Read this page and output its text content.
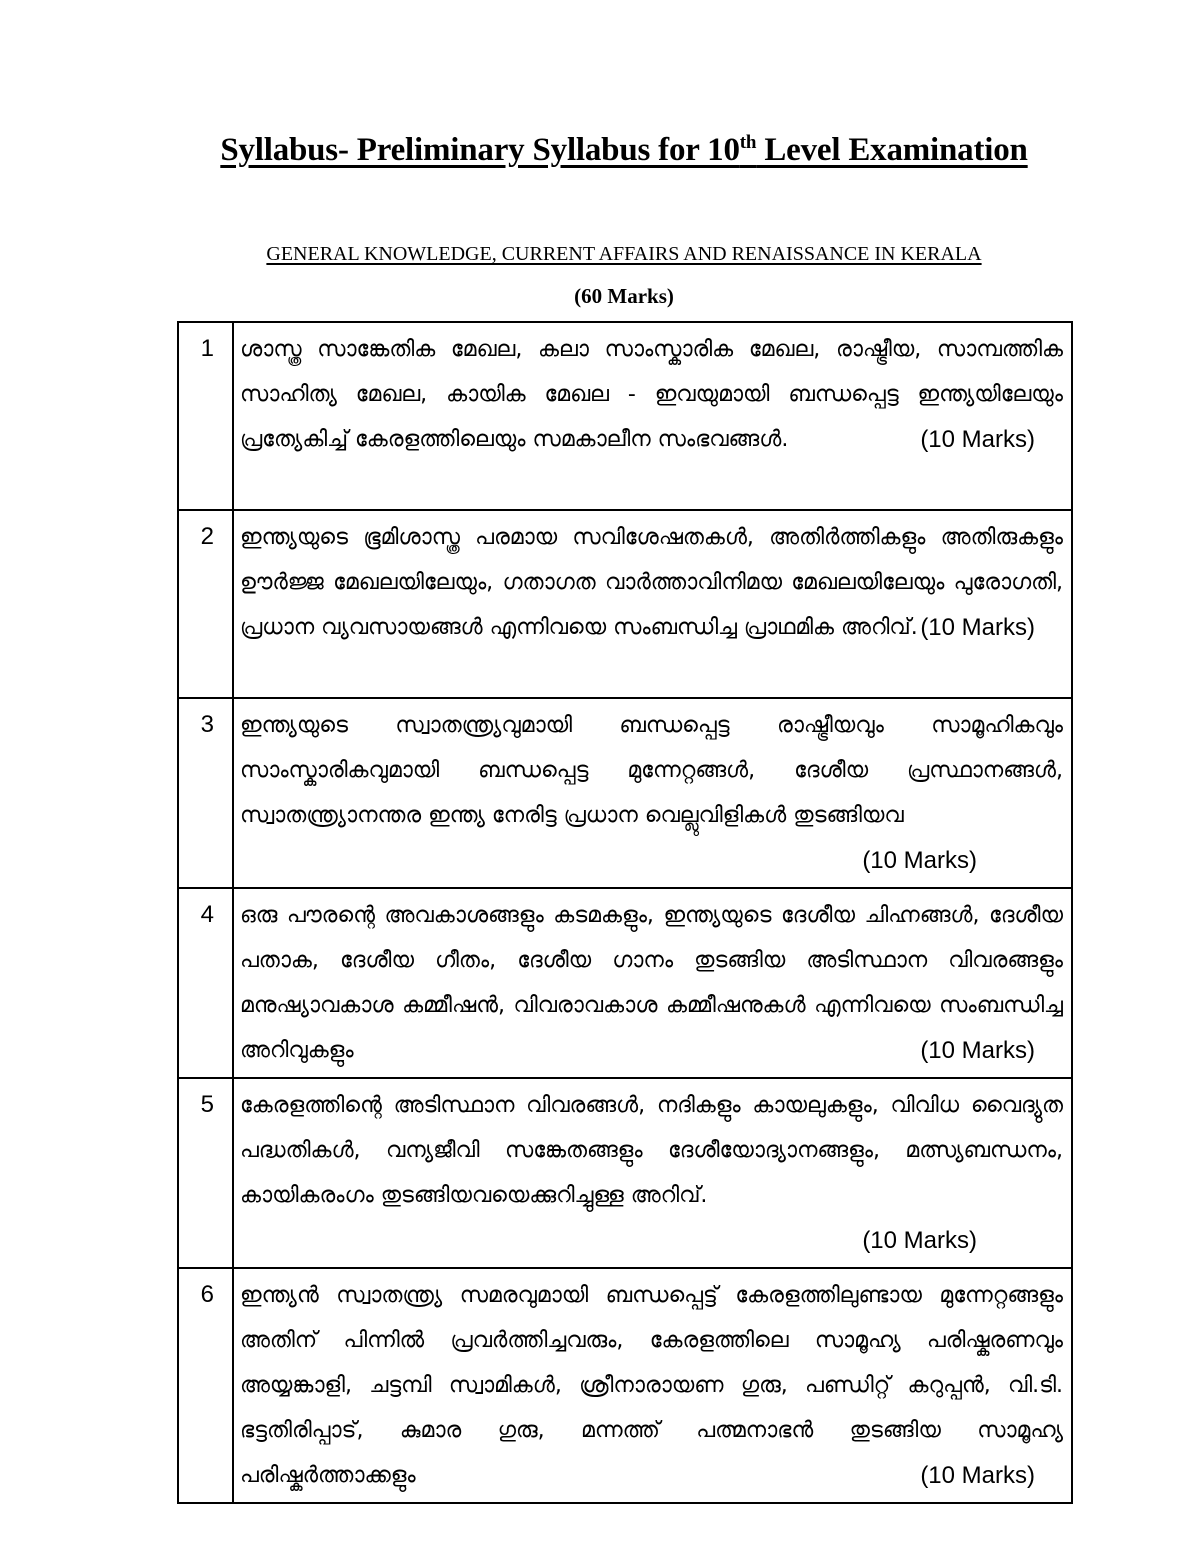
Syllabus- Preliminary Syllabus for 10th Level Examination
GENERAL KNOWLEDGE, CURRENT AFFAIRS AND RENAISSANCE IN KERALA
(60 Marks)
1	ശാസ്ത്ര സാങ്കേതിക മേഖല, കലാ സാംസ്കാരിക മേഖല, രാഷ്ട്രീയ, സാമ്പത്തിക സാഹിത്യ മേഖല, കായിക മേഖല - ഇവയുമായി ബന്ധപ്പെട്ട ഇന്ത്യയിലേയും പ്രത്യേകിച്ച് കേരളത്തിലെയും സമകാലീന സംഭവങ്ങൾ. (10 Marks)

2	ഇന്ത്യയുടെ ഭൂമിശാസ്ത്ര പരമായ സവിശേഷതകൾ, അതിർത്തികളും അതിരുകളും ഊർജ്ജ മേഖലയിലേയും, ഗതാഗത വാർത്താവിനിമയ മേഖലയിലേയും പുരോഗതി, പ്രധാന വ്യവസായങ്ങൾ എന്നിവയെ സംബന്ധിച്ച പ്രാഥമിക അറിവ്. (10 Marks)

3	ഇന്ത്യയുടെ സ്വാതന്ത്ര്യവുമായി ബന്ധപ്പെട്ട രാഷ്ട്രീയവും സാമൂഹികവും സാംസ്കാരികവുമായി ബന്ധപ്പെട്ട മുന്നേറ്റങ്ങൾ, ദേശീയ പ്രസ്ഥാനങ്ങൾ, സ്വാതന്ത്ര്യാനന്തര ഇന്ത്യ നേരിട്ട പ്രധാന വെല്ലുവിളികൾ തുടങ്ങിയവ
(10 Marks)

4	ഒരു പൗരന്റെ അവകാശങ്ങളും കടമകളും, ഇന്ത്യയുടെ ദേശീയ ചിഹ്നങ്ങൾ, ദേശീയ പതാക, ദേശീയ ഗീതം, ദേശീയ ഗാനം തുടങ്ങിയ അടിസ്ഥാന വിവരങ്ങളും മനുഷ്യാവകാശ കമ്മീഷൻ, വിവരാവകാശ കമ്മീഷനുകൾ എന്നിവയെ സംബന്ധിച്ച അറിവുകളും (10 Marks)

5	കേരളത്തിന്റെ അടിസ്ഥാന വിവരങ്ങൾ, നദികളും കായലുകളും, വിവിധ വൈദ്യുത പദ്ധതികൾ, വന്യജീവി സങ്കേതങ്ങളും ദേശീയോദ്യാനങ്ങളും, മത്സ്യബന്ധനം, കായികരംഗം തുടങ്ങിയവയെക്കുറിച്ചുള്ള അറിവ്.
(10 Marks)

6	ഇന്ത്യൻ സ്വാതന്ത്ര്യ സമരവുമായി ബന്ധപ്പെട്ട് കേരളത്തിലുണ്ടായ മുന്നേറ്റങ്ങളും അതിന് പിന്നിൽ പ്രവർത്തിച്ചവരും, കേരളത്തിലെ സാമൂഹ്യ പരിഷ്കരണവും അയ്യങ്കാളി, ചട്ടമ്പി സ്വാമികൾ, ശ്രീനാരായണ ഗുരു, പണ്ഡിറ്റ് കറുപ്പൻ, വി.ടി. ഭട്ടതിരിപ്പാട്, കുമാര ഗുരു, മന്നത്ത് പത്മനാഭൻ തുടങ്ങിയ സാമൂഹ്യ പരിഷ്കർത്താക്കളും (10 Marks)
